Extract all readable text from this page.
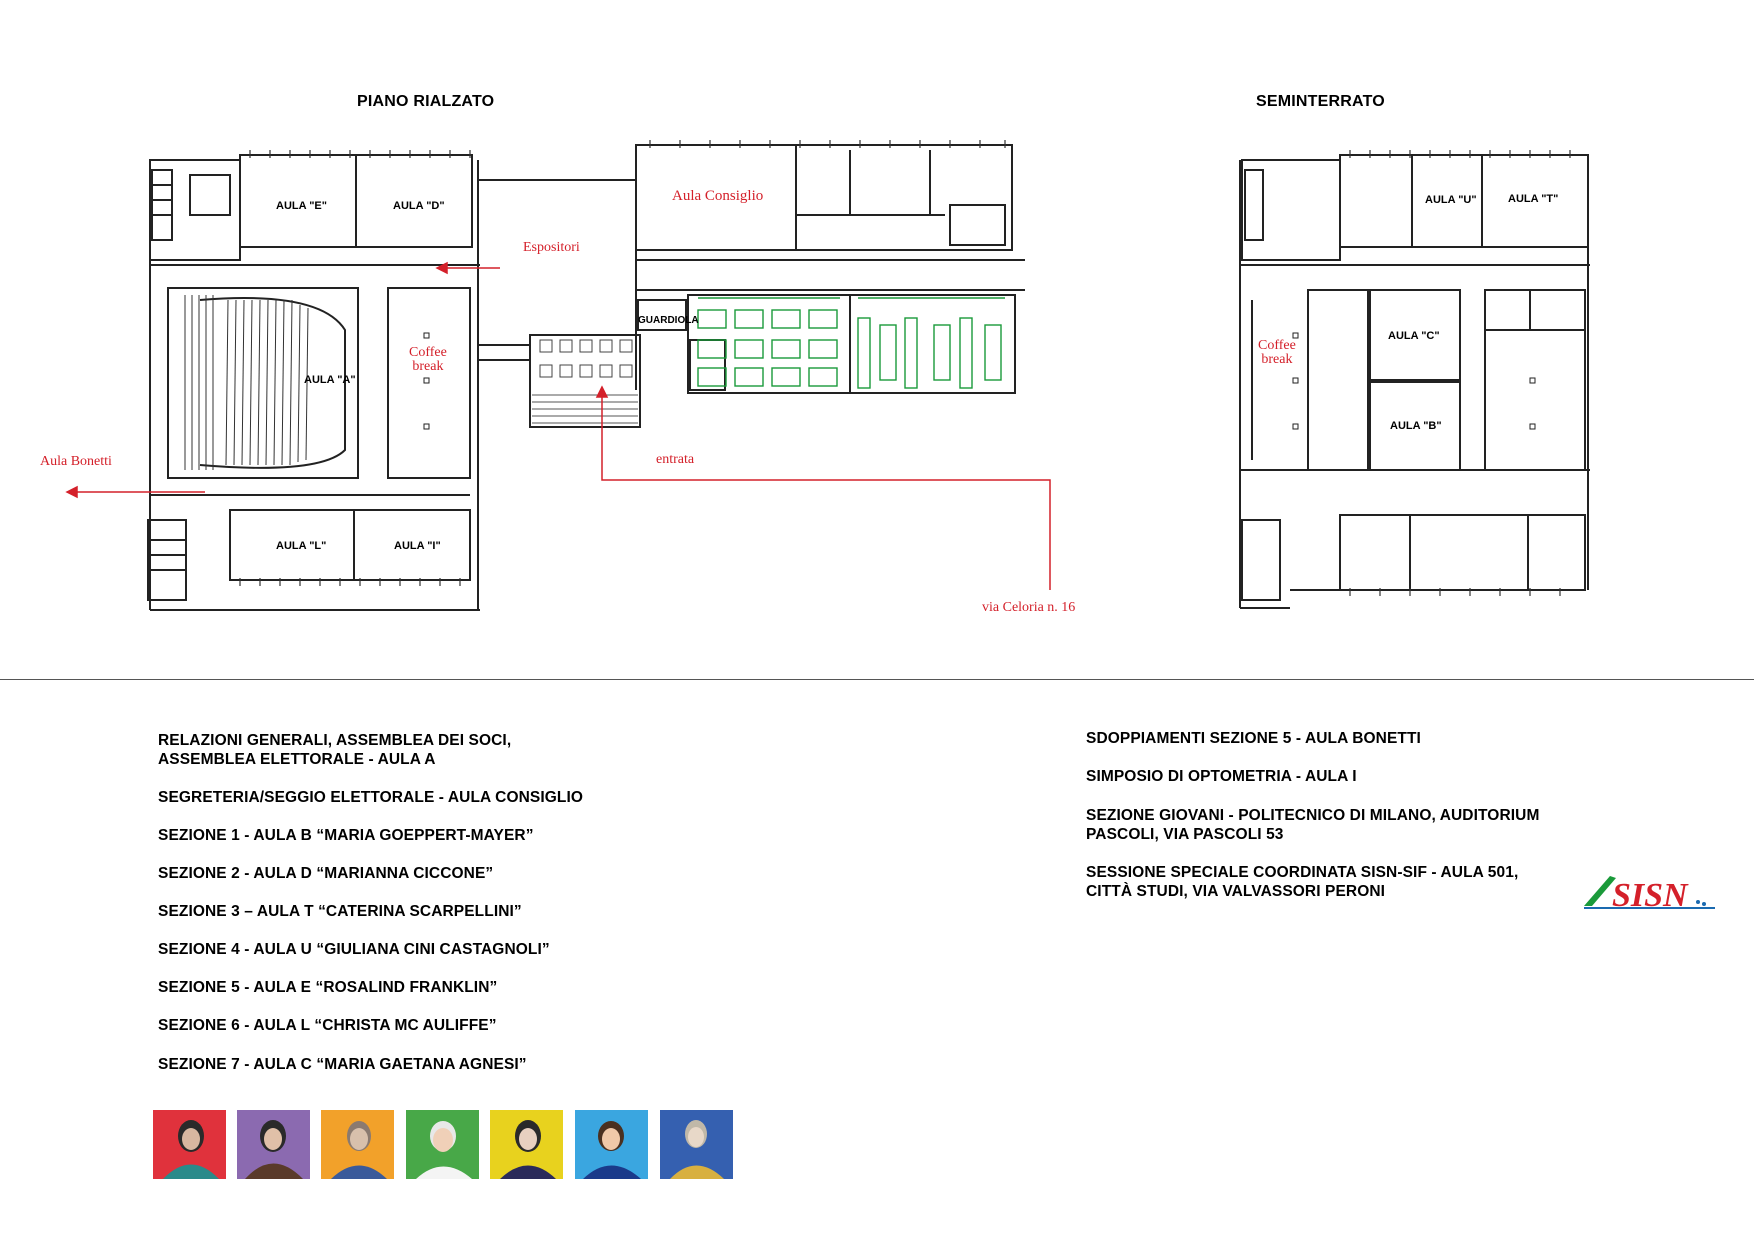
PIANO RIALZATO	SEMINTERRATO
AULA "E"	AULA "D"
AULA "A"
AULA "L"	AULA "I"
AULA "U"	AULA "T"
AULA "C"
AULA "B"
GUARDIOLA
Aula Consiglio
Espositori
Coffee
break
Aula Bonetti	entrata
via Celoria n. 16
Coffee
break
RELAZIONI GENERALI, ASSEMBLEA DEI SOCI,
ASSEMBLEA ELETTORALE - AULA A
SEGRETERIA/SEGGIO ELETTORALE - AULA CONSIGLIO
SEZIONE 1 - AULA B “MARIA GOEPPERT-MAYER”
SEZIONE 2 - AULA D “MARIANNA CICCONE”
SEZIONE 3 – AULA T “CATERINA SCARPELLINI”
SEZIONE 4 - AULA U “GIULIANA CINI CASTAGNOLI”
SEZIONE 5 - AULA E “ROSALIND FRANKLIN”
SEZIONE 6 - AULA L “CHRISTA MC AULIFFE”
SEZIONE 7 - AULA C “MARIA GAETANA AGNESI”
SDOPPIAMENTI SEZIONE 5 - AULA BONETTI
SIMPOSIO DI OPTOMETRIA - AULA I
SEZIONE GIOVANI - POLITECNICO DI MILANO, AUDITORIUM
PASCOLI, VIA PASCOLI 53
SESSIONE SPECIALE COORDINATA SISN-SIF - AULA 501,
CITTÀ STUDI, VIA VALVASSORI PERONI	SISN
